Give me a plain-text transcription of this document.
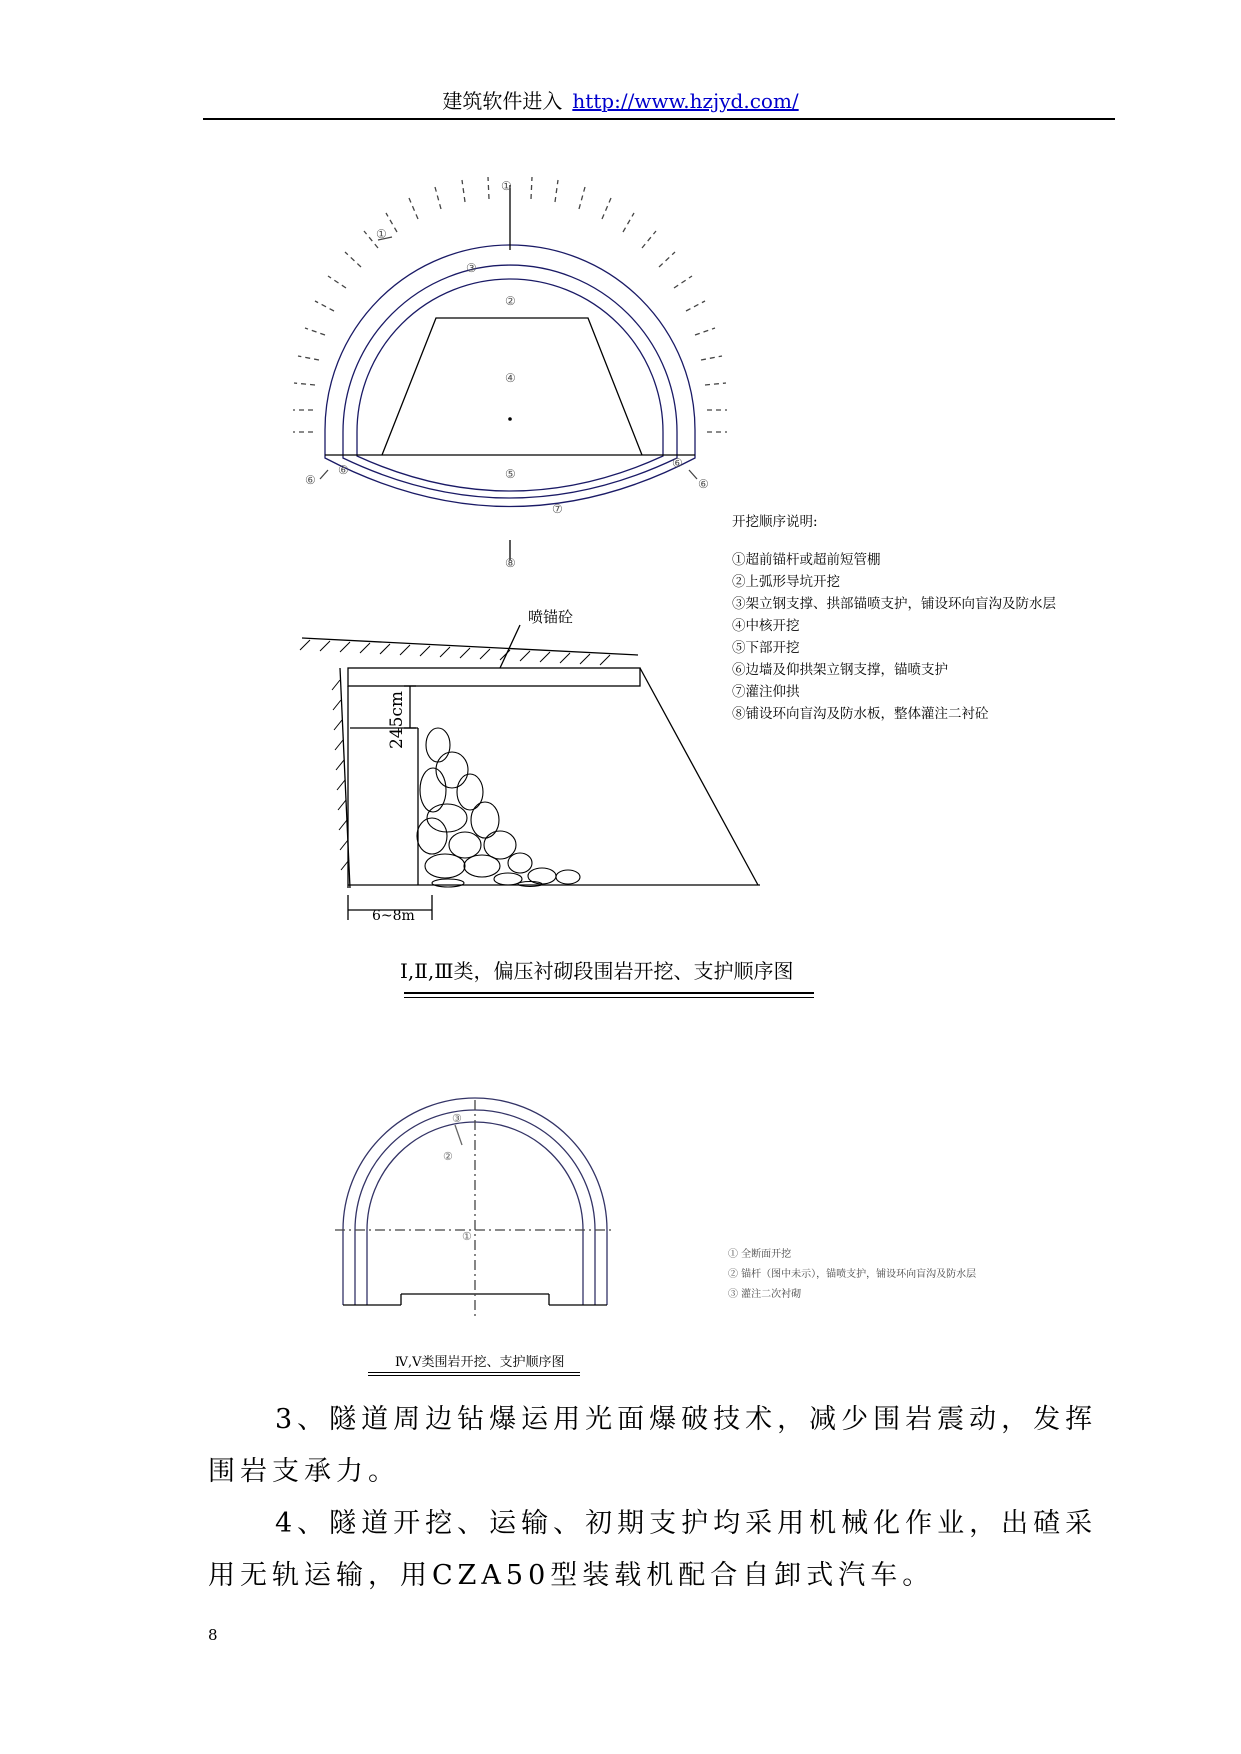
建筑软件进入 http://www.hzjyd.com/
①
①
③
②
④
⑤
⑥	⑥
⑥	⑥
⑦
⑧
喷锚砼
245cm
6~8m
③
②
①
开挖顺序说明:
①超前锚杆或超前短管棚
②上弧形导坑开挖
③架立钢支撑、拱部锚喷支护，铺设环向盲沟及防水层
④中核开挖
⑤下部开挖
⑥边墙及仰拱架立钢支撑，锚喷支护
⑦灌注仰拱
⑧铺设环向盲沟及防水板，整体灌注二衬砼
Ⅰ,Ⅱ,Ⅲ类，偏压衬砌段围岩开挖、支护顺序图
① 全断面开挖
② 锚杆（图中未示），锚喷支护，铺设环向盲沟及防水层
③ 灌注二次衬砌
Ⅳ,Ⅴ类围岩开挖、支护顺序图
3、隧道周边钻爆运用光面爆破技术，减少围岩震动，发挥围岩支承力。
4、隧道开挖、运输、初期支护均采用机械化作业，出碴采用无轨运输，用CZA50型装载机配合自卸式汽车。
8
